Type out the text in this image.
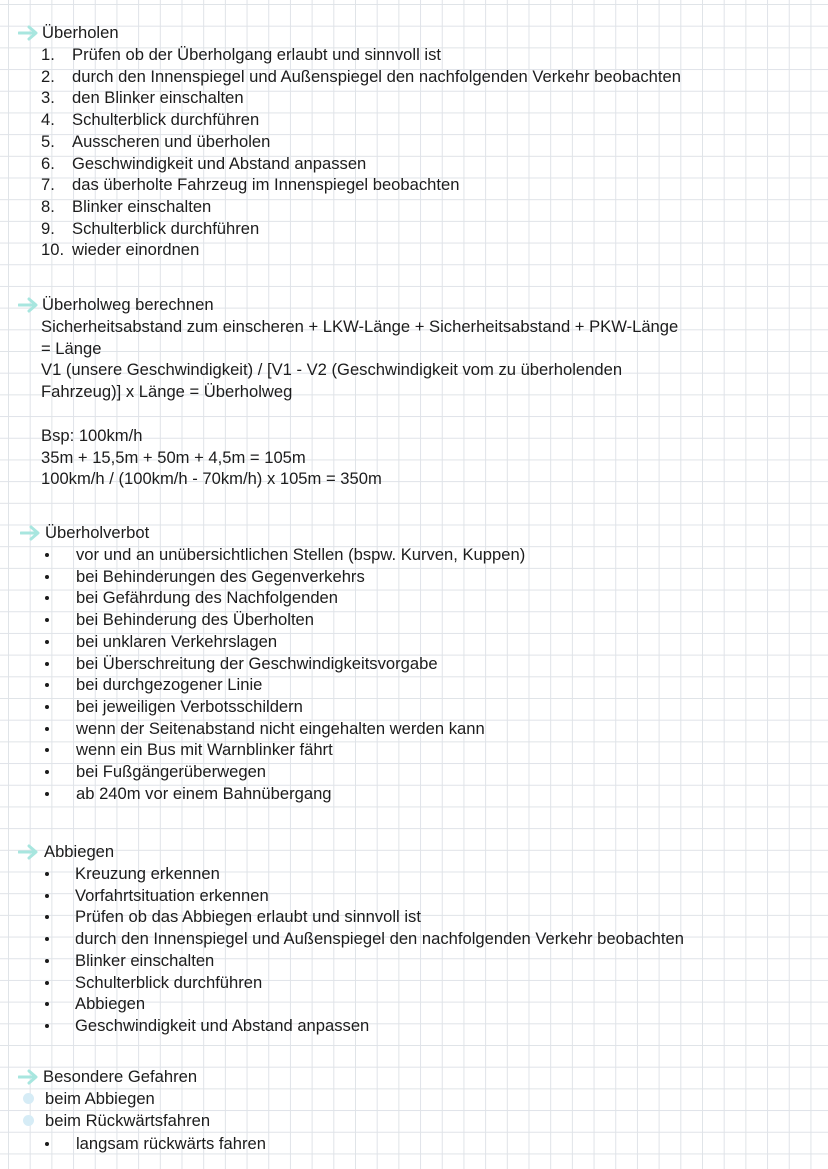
Überholen
1. Prüfen ob der Überholgang erlaubt und sinnvoll ist
2. durch den Innenspiegel und Außenspiegel den nachfolgenden Verkehr beobachten
3. den Blinker einschalten
4. Schulterblick durchführen
5. Ausscheren und überholen
6. Geschwindigkeit und Abstand anpassen
7. das überholte Fahrzeug im Innenspiegel beobachten
8. Blinker einschalten
9. Schulterblick durchführen
10. wieder einordnen
Überholweg berechnen
Sicherheitsabstand zum einscheren + LKW-Länge + Sicherheitsabstand + PKW-Länge
= Länge
V1 (unsere Geschwindigkeit) / [V1 - V2 (Geschwindigkeit vom zu überholenden
Fahrzeug)] x Länge = Überholweg
Bsp: 100km/h
35m + 15,5m + 50m + 4,5m = 105m
100km/h / (100km/h - 70km/h) x 105m = 350m
Überholverbot
vor und an unübersichtlichen Stellen (bspw. Kurven, Kuppen)
bei Behinderungen des Gegenverkehrs
bei Gefährdung des Nachfolgenden
bei Behinderung des Überholten
bei unklaren Verkehrslagen
bei Überschreitung der Geschwindigkeitsvorgabe
bei durchgezogener Linie
bei jeweiligen Verbotsschildern
wenn der Seitenabstand nicht eingehalten werden kann
wenn ein Bus mit Warnblinker fährt
bei Fußgängerüberwegen
ab 240m vor einem Bahnübergang
Abbiegen
Kreuzung erkennen
Vorfahrtsituation erkennen
Prüfen ob das Abbiegen erlaubt und sinnvoll ist
durch den Innenspiegel und Außenspiegel den nachfolgenden Verkehr beobachten
Blinker einschalten
Schulterblick durchführen
Abbiegen
Geschwindigkeit und Abstand anpassen
Besondere Gefahren
beim Abbiegen
beim Rückwärtsfahren
langsam rückwärts fahren
